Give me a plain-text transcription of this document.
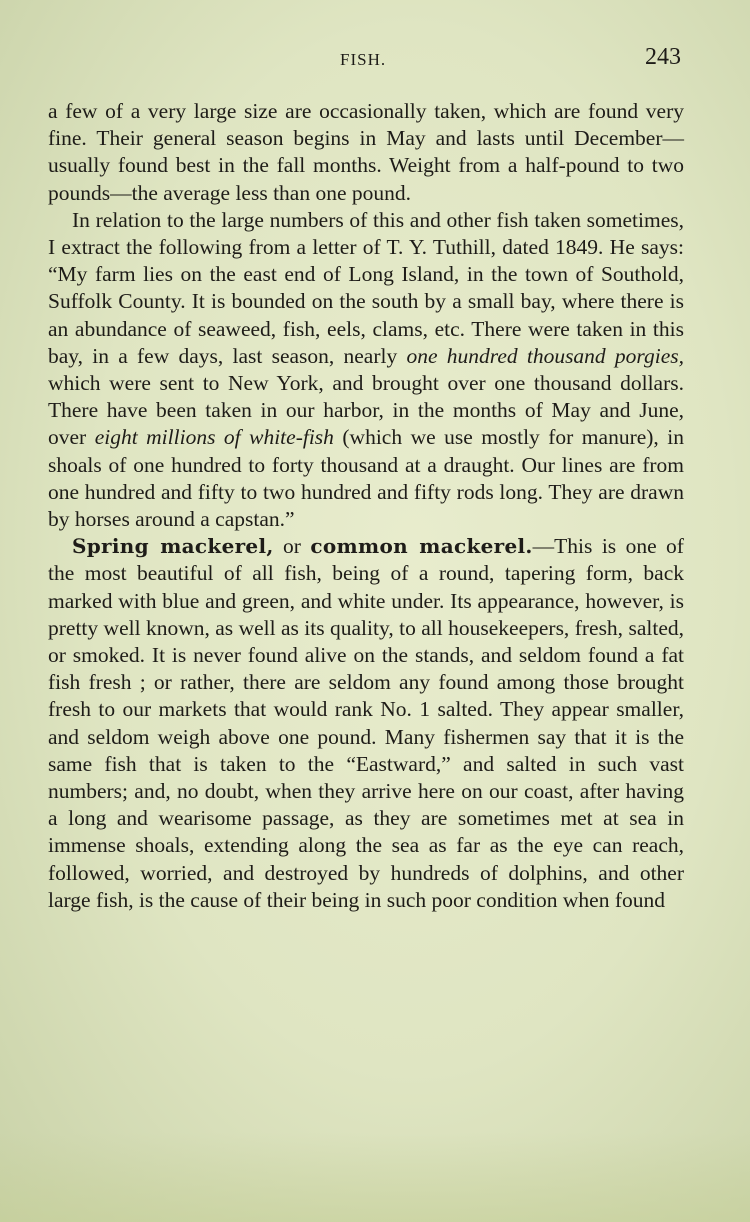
FISH.	243

a few of a very large size are occasionally taken, which are found very fine. Their general season begins in May and lasts until December—usually found best in the fall months. Weight from a half-pound to two pounds—the average less than one pound.

In relation to the large numbers of this and other fish taken sometimes, I extract the following from a letter of T. Y. Tuthill, dated 1849. He says: “My farm lies on the east end of Long Island, in the town of Southold, Suffolk County. It is bounded on the south by a small bay, where there is an abundance of seaweed, fish, eels, clams, etc. There were taken in this bay, in a few days, last season, nearly one hundred thousand porgies, which were sent to New York, and brought over one thousand dollars. There have been taken in our harbor, in the months of May and June, over eight millions of white-fish (which we use mostly for manure), in shoals of one hundred to forty thousand at a draught. Our lines are from one hundred and fifty to two hundred and fifty rods long. They are drawn by horses around a capstan.”

Spring mackerel, or common mackerel.—This is one of the most beautiful of all fish, being of a round, tapering form, back marked with blue and green, and white under. Its appearance, however, is pretty well known, as well as its quality, to all housekeepers, fresh, salted, or smoked. It is never found alive on the stands, and seldom found a fat fish fresh ; or rather, there are seldom any found among those brought fresh to our markets that would rank No. 1 salted. They appear smaller, and seldom weigh above one pound. Many fishermen say that it is the same fish that is taken to the “Eastward,” and salted in such vast numbers; and, no doubt, when they arrive here on our coast, after having a long and wearisome passage, as they are sometimes met at sea in immense shoals, extending along the sea as far as the eye can reach, followed, worried, and destroyed by hundreds of dolphins, and other large fish, is the cause of their being in such poor condition when found
